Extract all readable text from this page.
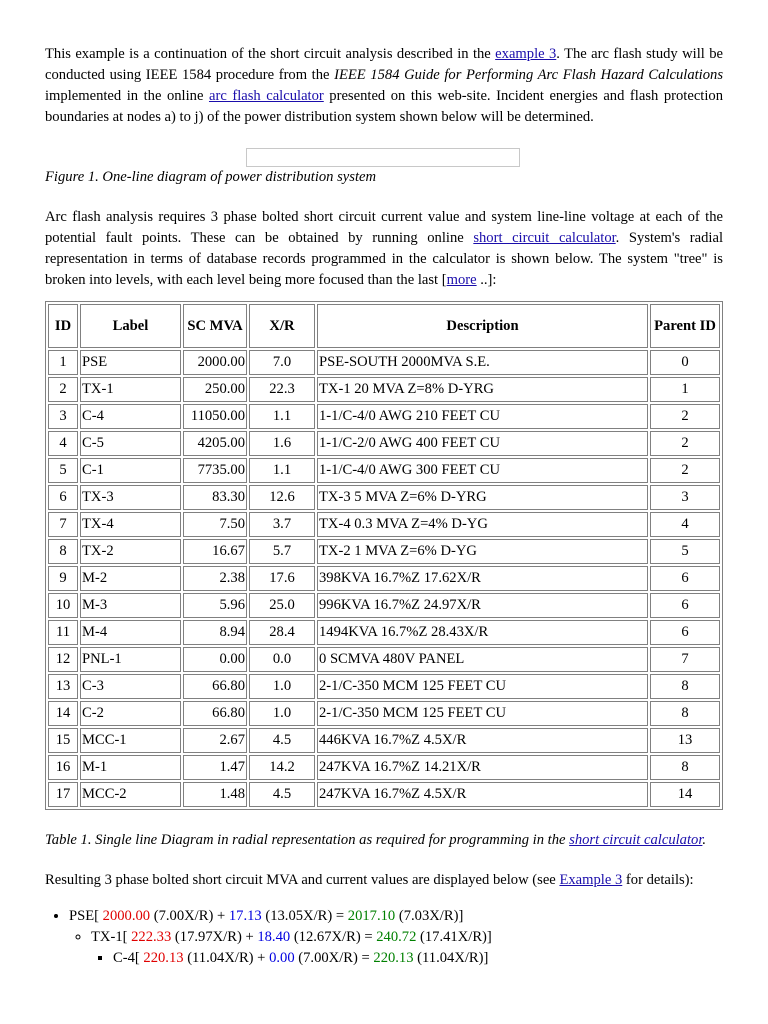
This example is a continuation of the short circuit analysis described in the example 3. The arc flash study will be conducted using IEEE 1584 procedure from the IEEE 1584 Guide for Performing Arc Flash Hazard Calculations implemented in the online arc flash calculator presented on this web-site. Incident energies and flash protection boundaries at nodes a) to j) of the power distribution system shown below will be determined.

Figure 1. One-line diagram of power distribution system

Arc flash analysis requires 3 phase bolted short circuit current value and system line-line voltage at each of the potential fault points. These can be obtained by running online short circuit calculator. System's radial representation in terms of database records programmed in the calculator is shown below. The system "tree" is broken into levels, with each level being more focused than the last [more ..]:

ID	Label	SC MVA	X/R	Description	Parent ID
1	PSE	2000.00	7.0	PSE-SOUTH 2000MVA S.E.	0
2	TX-1	250.00	22.3	TX-1 20 MVA Z=8% D-YRG	1
3	C-4	11050.00	1.1	1-1/C-4/0 AWG 210 FEET CU	2
4	C-5	4205.00	1.6	1-1/C-2/0 AWG 400 FEET CU	2
5	C-1	7735.00	1.1	1-1/C-4/0 AWG 300 FEET CU	2
6	TX-3	83.30	12.6	TX-3 5 MVA Z=6% D-YRG	3
7	TX-4	7.50	3.7	TX-4 0.3 MVA Z=4% D-YG	4
8	TX-2	16.67	5.7	TX-2 1 MVA Z=6% D-YG	5
9	M-2	2.38	17.6	398KVA 16.7%Z 17.62X/R	6
10	M-3	5.96	25.0	996KVA 16.7%Z 24.97X/R	6
11	M-4	8.94	28.4	1494KVA 16.7%Z 28.43X/R	6
12	PNL-1	0.00	0.0	0 SCMVA 480V PANEL	7
13	C-3	66.80	1.0	2-1/C-350 MCM 125 FEET CU	8
14	C-2	66.80	1.0	2-1/C-350 MCM 125 FEET CU	8
15	MCC-1	2.67	4.5	446KVA 16.7%Z 4.5X/R	13
16	M-1	1.47	14.2	247KVA 16.7%Z 14.21X/R	8
17	MCC-2	1.48	4.5	247KVA 16.7%Z 4.5X/R	14

Table 1. Single line Diagram in radial representation as required for programming in the short circuit calculator.

Resulting 3 phase bolted short circuit MVA and current values are displayed below (see Example 3 for details):

• PSE[ 2000.00 (7.00X/R) + 17.13 (13.05X/R) = 2017.10 (7.03X/R)]
◦ TX-1[ 222.33 (17.97X/R) + 18.40 (12.67X/R) = 240.72 (17.41X/R)]
▪ C-4[ 220.13 (11.04X/R) + 0.00 (7.00X/R) = 220.13 (11.04X/R)]
